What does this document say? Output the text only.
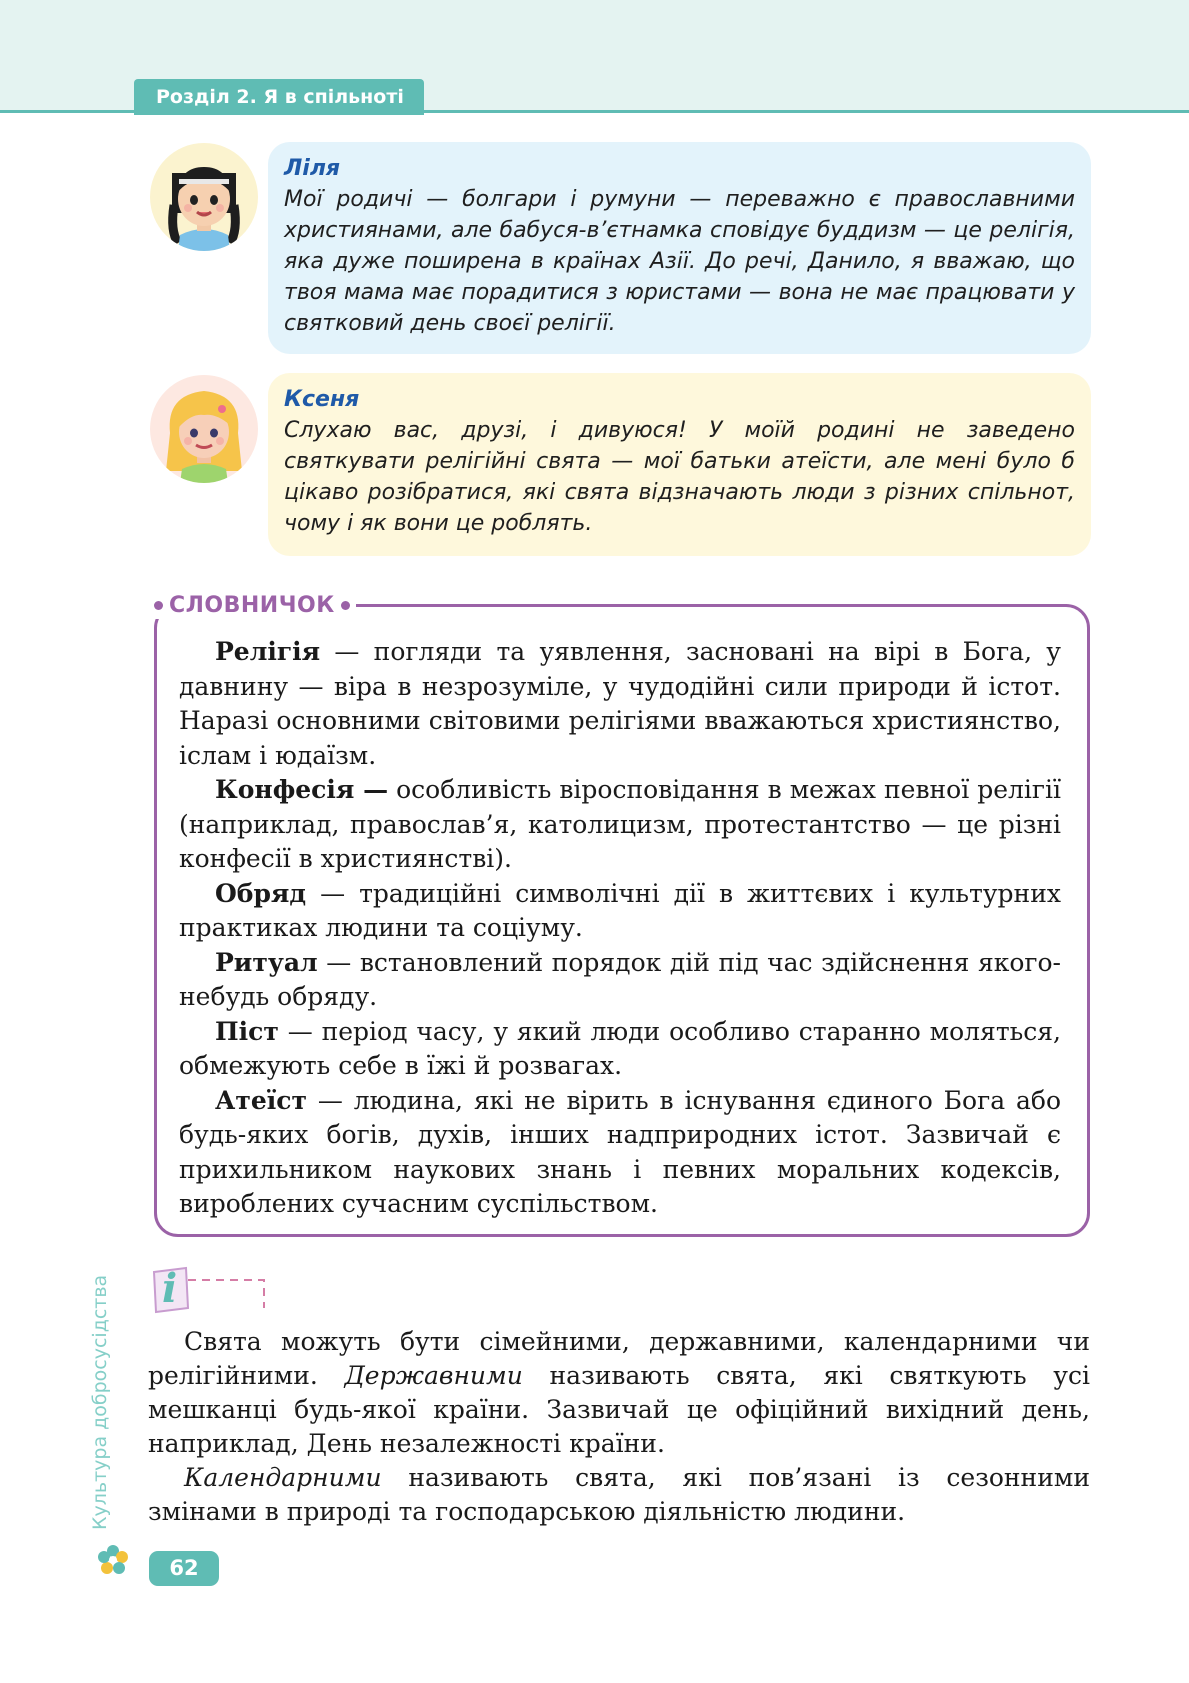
Розділ 2. Я в спільноті
Ліля
Мої родичі — болгари і румуни — переважно є православними християнами, але бабуся-в’єтнамка сповідує буддизм — це релігія, яка дуже поширена в країнах Азії. До речі, Данило, я вважаю, що твоя мама має порадитися з юристами — вона не має працювати у святковий день своєї релігії.
Ксеня
Слухаю вас, друзі, і дивуюся! У моїй родині не заведено святкувати релігійні свята — мої батьки атеїсти, але мені було б цікаво розібратися, які свята відзначають люди з різних спільнот, чому і як вони це роблять.

Релігія — погляди та уявлення, засновані на вірі в Бога, у давнину — віра в незрозуміле, у чудодійні сили природи й істот. Наразі основними світовими релігіями вважаються християнство, іслам і юдаїзм.

Конфесія — особливість віросповідання в межах певної релігії (наприклад, православ’я, католицизм, протестантство — це різні конфесії в християнстві).

Обряд — традиційні символічні дії в життєвих і культурних практиках людини та соціуму.

Ритуал — встановлений порядок дій під час здійснення якого-небудь обряду.

Піст — період часу, у який люди особливо старанно моляться, обмежують себе в їжі й розвагах.

Атеїст — людина, які не вірить в існування єдиного Бога або будь-яких богів, духів, інших надприродних істот. Зазвичай є прихильником наукових знань і певних моральних кодексів, вироблених сучасним суспільством.

СЛОВНИЧОК
i

Свята можуть бути сімейними, державними, календарними чи релігійними. Державними називають свята, які святкують усі мешканці будь-якої країни. Зазвичай це офіційний вихідний день, наприклад, День незалежності країни.

Календарними називають свята, які пов’язані із сезонними змінами в природі та господарською діяльністю людини.

Культура добросусідства
62
